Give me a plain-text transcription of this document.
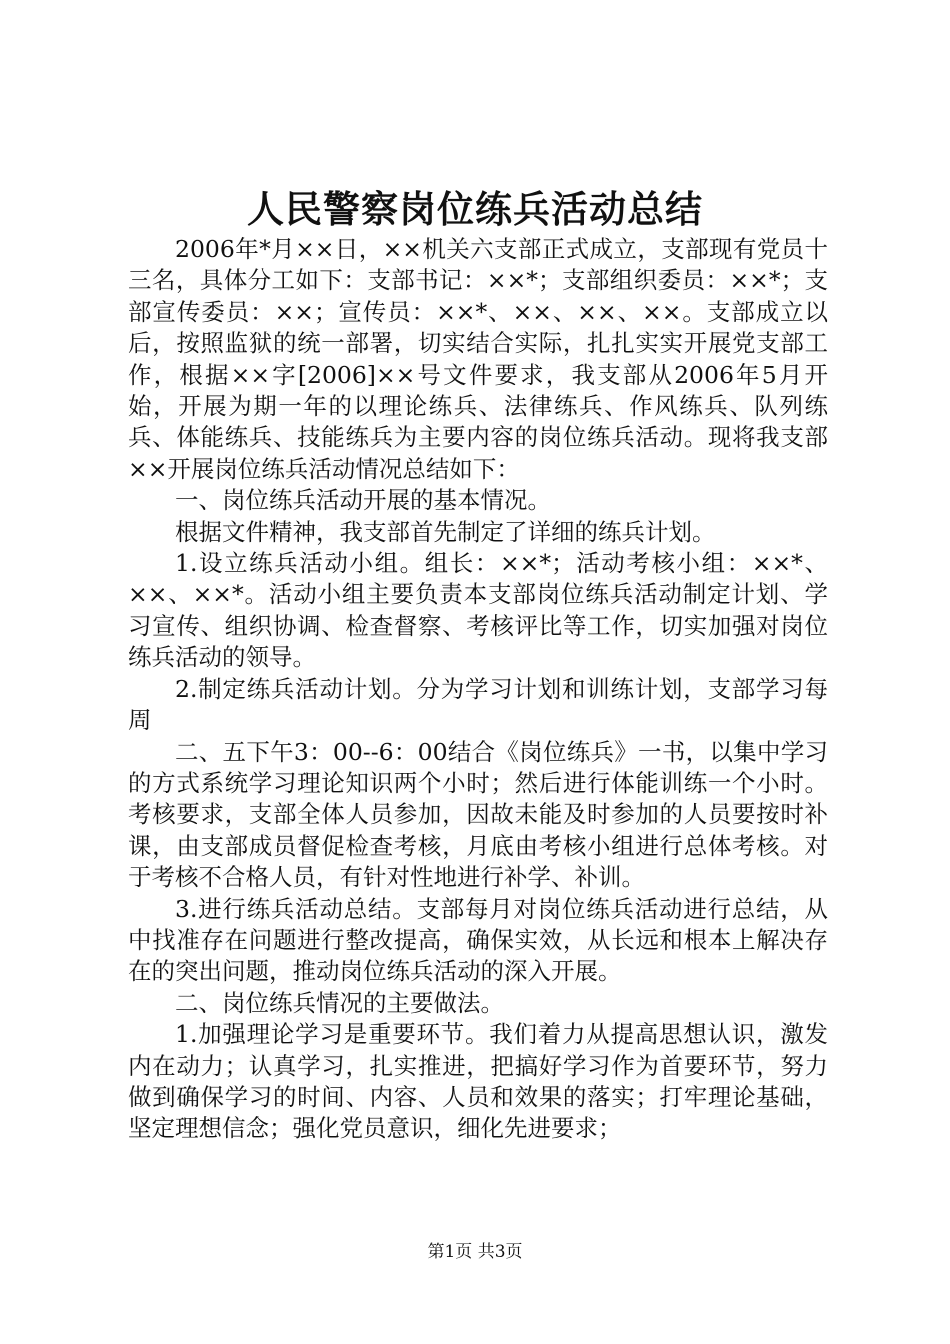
人民警察岗位练兵活动总结

2006年*月××日，××机关六支部正式成立，支部现有党员十三名，具体分工如下：支部书记：××*；支部组织委员：××*；支部宣传委员：××；宣传员：××*、××、××、××。支部成立以后，按照监狱的统一部署，切实结合实际，扎扎实实开展党支部工作，根据××字[2006]××号文件要求，我支部从2006年5月开始，开展为期一年的以理论练兵、法律练兵、作风练兵、队列练兵、体能练兵、技能练兵为主要内容的岗位练兵活动。现将我支部××开展岗位练兵活动情况总结如下：

一、岗位练兵活动开展的基本情况。

根据文件精神，我支部首先制定了详细的练兵计划。

1.设立练兵活动小组。组长：××*；活动考核小组：××*、××、××*。活动小组主要负责本支部岗位练兵活动制定计划、学习宣传、组织协调、检查督察、考核评比等工作，切实加强对岗位练兵活动的领导。

2.制定练兵活动计划。分为学习计划和训练计划，支部学习每周

二、五下午3：00--6：00结合《岗位练兵》一书，以集中学习的方式系统学习理论知识两个小时；然后进行体能训练一个小时。考核要求，支部全体人员参加，因故未能及时参加的人员要按时补课，由支部成员督促检查考核，月底由考核小组进行总体考核。对于考核不合格人员，有针对性地进行补学、补训。

3.进行练兵活动总结。支部每月对岗位练兵活动进行总结，从中找准存在问题进行整改提高，确保实效，从长远和根本上解决存在的突出问题，推动岗位练兵活动的深入开展。

二、岗位练兵情况的主要做法。

1.加强理论学习是重要环节。我们着力从提高思想认识，激发内在动力；认真学习，扎实推进，把搞好学习作为首要环节，努力做到确保学习的时间、内容、人员和效果的落实；打牢理论基础，坚定理想信念；强化党员意识，细化先进要求；

第1页 共3页
